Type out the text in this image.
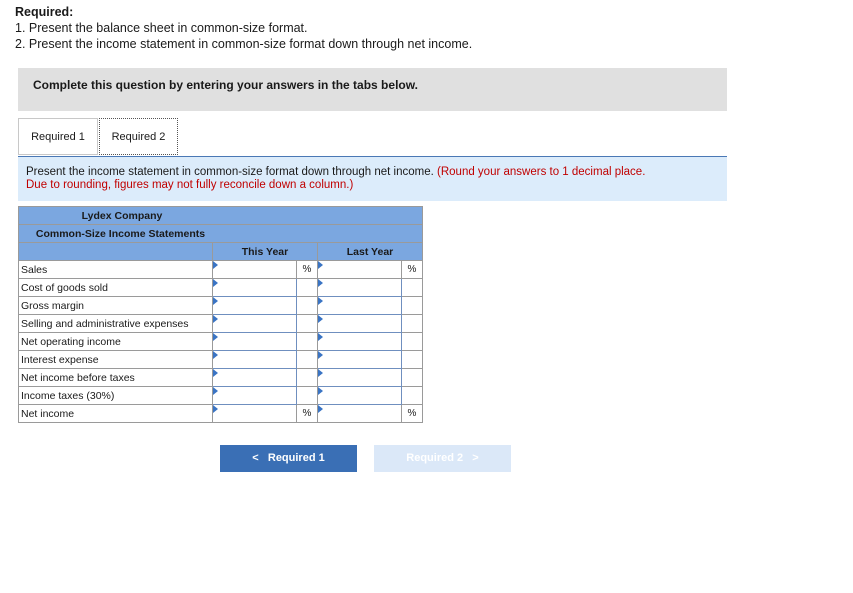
Required:
1. Present the balance sheet in common-size format.
2. Present the income statement in common-size format down through net income.
Complete this question by entering your answers in the tabs below.
Required 1	Required 2
Present the income statement in common-size format down through net income. (Round your answers to 1 decimal place.
Due to rounding, figures may not fully reconcile down a column.)
Lydex Company				
Common-Size Income Statements				
	This Year		Last Year	
Sales		%		%
Cost of goods sold				
Gross margin				
Selling and administrative expenses				
Net operating income				
Interest expense				
Net income before taxes				
Income taxes (30%)				
Net income		%		%
< Required 1	Required 2 >
